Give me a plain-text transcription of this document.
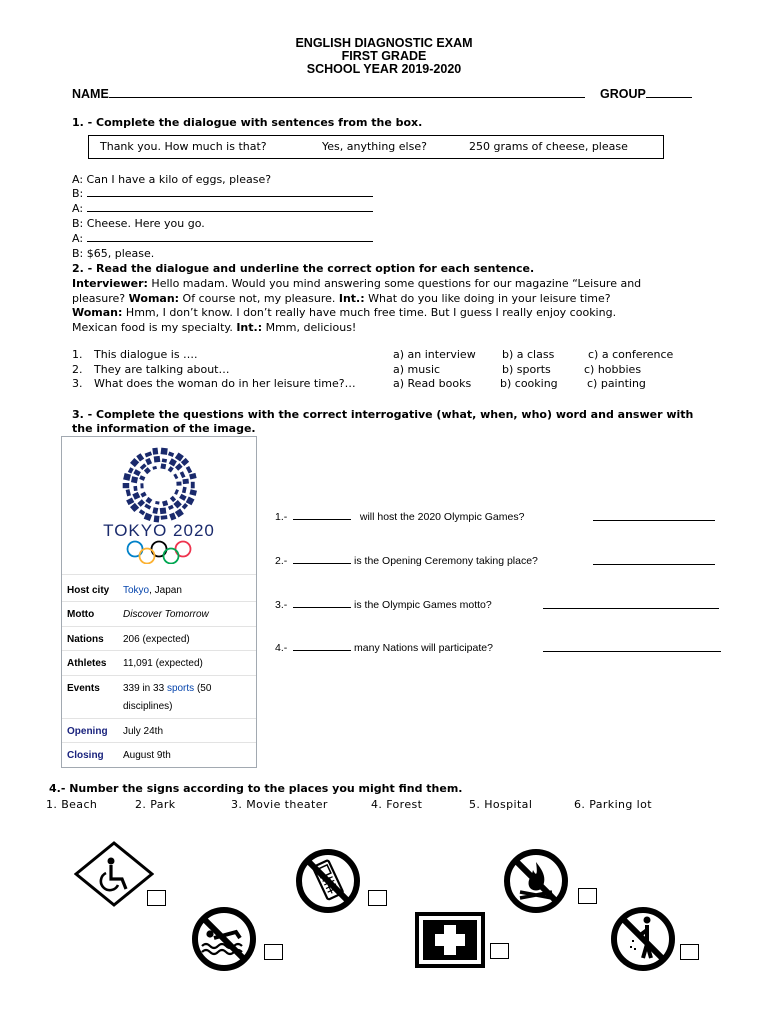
ENGLISH DIAGNOSTIC EXAM
FIRST GRADE
SCHOOL YEAR 2019-2020
NAME	GROUP
1. - Complete the dialogue with sentences from the box.
Thank you. How much is that?	Yes, anything else?	250 grams of cheese, please
A: Can I have a kilo of eggs, please?
B:
A:
B: Cheese. Here you go.
A:
B: $65, please.
2. - Read the dialogue and underline the correct option for each sentence.
Interviewer: Hello madam. Would you mind answering some questions for our magazine “Leisure and
pleasure? Woman: Of course not, my pleasure. Int.: What do you like doing in your leisure time?
Woman: Hmm, I don’t know. I don’t really have much free time. But I guess I really enjoy cooking.
Mexican food is my specialty. Int.: Mmm, delicious!
1. This dialogue is ….	a) an interview b) a class	c) a conference
2. They are talking about…	a) music	b) sports	c) hobbies
3. What does the woman do in her leisure time?…	a) Read books	b) cooking	c) painting
3. - Complete the questions with the correct interrogative (what, when, who) word and answer with
the information of the image.
TOKYO 2020
Host city Tokyo, Japan
Motto	Discover Tomorrow
Nations 206 (expected)
Athletes 11,091 (expected)
Events 339 in 33 sports (50
disciplines)
Opening July 24th
Closing August 9th
1.-	will host the 2020 Olympic Games?
2.-	is the Opening Ceremony taking place?
3.-	is the Olympic Games motto?
4.-	many Nations will participate?
4.- Number the signs according to the places you might find them.
1. Beach	2. Park	3. Movie theater	4. Forest	5. Hospital	6. Parking lot
